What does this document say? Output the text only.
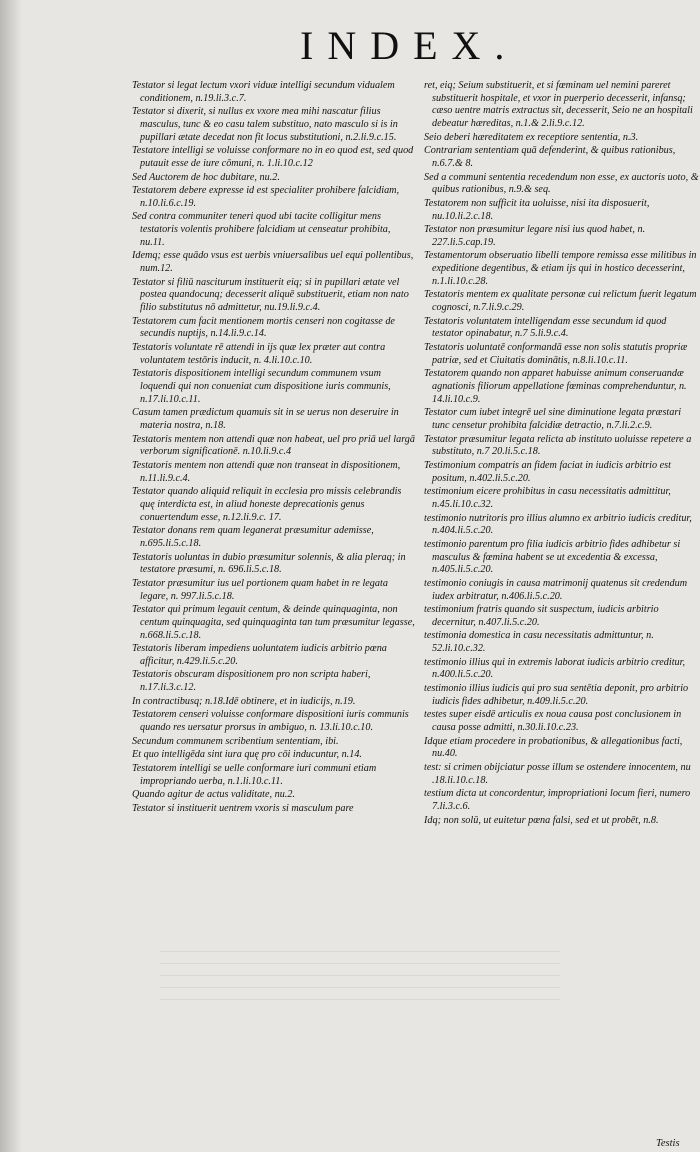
INDEX.
Testator si legat lectum vxori viduæ intelligi secundum vidualem conditionem, n.19.li.3.c.7.
Testator si dixerit, si nullus ex vxore mea mihi nascatur filius masculus, tunc & eo casu talem substituo, nato masculo si is in pupillari ætate decedat non fit locus substitutioni, n.2.li.9.c.15.
Testatore intelligi se voluisse conformare no in eo quod est, sed quod putauit esse de iure cōmuni, n. 1.li.10.c.12
Sed Auctorem de hoc dubitare, nu.2.
Testatorem debere expresse id est specialiter prohibere falcidiam, n.10.li.6.c.19.
Sed contra communiter teneri quod ubi tacite colligitur mens testatoris volentis prohibere falcidiam ut censeatur prohibita, nu.11.
Idemq; esse quādo vsus est uerbis vniuersalibus uel equi pollentibus, num.12.
Testator si filiū nasciturum instituerit eiq; si in pupillari ætate vel postea quandocunq; decesserit aliquē substituerit, etiam non nato filio substitutus nō admittetur, nu.19.li.9.c.4.
Testatorem cum facit mentionem mortis censeri non cogitasse de secundis nuptijs, n.14.li.9.c.14.
Testatoris voluntate rē attendi in ijs quæ lex præter aut contra voluntatem testōris inducit, n. 4.li.10.c.10.
Testatoris dispositionem intelligi secundum communem vsum loquendi qui non conueniat cum dispositione iuris communis, n.17.li.10.c.11.
Casum tamen prædictum quamuis sit in se uerus non deseruire in materia nostra, n.18.
Testatoris mentem non attendi quæ non habeat, uel pro priā uel largā verborum significationē. n.10.li.9.c.4
Testatoris mentem non attendi quæ non transeat in dispositionem, n.11.li.9.c.4.
Testator quando aliquid reliquit in ecclesia pro missis celebrandis quę interdicta est, in aliud honeste deprecationis genus conuertendum esse, n.12.li.9.c. 17.
Testator donans rem quam leganerat præsumitur ademisse, n.695.li.5.c.18.
Testatoris uoluntas in dubio præsumitur solennis, & alia pleraq; in testatore præsumi, n. 696.li.5.c.18.
Testator præsumitur ius uel portionem quam habet in re legata legare, n. 997.li.5.c.18.
Testator qui primum legauit centum, & deinde quinquaginta, non centum quinquagita, sed quinquaginta tan tum præsumitur legasse, n.668.li.5.c.18.
Testatoris liberam impediens uoluntatem iudicis arbitrio pœna afficitur, n.429.li.5.c.20.
Testatoris obscuram dispositionem pro non scripta haberi, n.17.li.3.c.12.
In contractibusq; n.18.Idē obtinere, et in iudicijs, n.19.
Testatorem censeri voluisse conformare dispositioni iuris communis quando res uersatur prorsus in ambiguo, n. 13.li.10.c.10.
Secundum communem scribentium sententiam, ibi.
Et quo intelligēda sint iura quę pro cōi inducuntur, n.14.
Testatorem intelligi se uelle conformare iuri communi etiam impropriando uerba, n.1.li.10.c.11.
Quando agitur de actus validitate, nu.2.
Testator si instituerit uentrem vxoris si masculum pare
ret, eiq; Seium substituerit, et si fœminam uel nemini pareret substituerit hospitale, et vxor in puerperio decesserit, infansq; cæso uentre matris extractus sit, decesserit, Seio ne an hospitali debeatur hæreditas, n.1.& 2.li.9.c.12.
Seio deberi hæreditatem ex receptiore sententia, n.3.
Contrariam sententiam quā defenderint, & quibus rationibus, n.6.7.& 8.
Sed a communi sententia recedendum non esse, ex auctoris uoto, & quibus rationibus, n.9.& seq.
Testatorem non sufficit ita uoluisse, nisi ita disposuerit, nu.10.li.2.c.18.
Testator non præsumitur legare nisi ius quod habet, n. 227.li.5.cap.19.
Testamentorum obseruatio libelli tempore remissa esse militibus in expeditione degentibus, & etiam ijs qui in hostico decesserint, n.1.li.10.c.28.
Testatoris mentem ex qualitate personæ cui relictum fuerit legatum cognosci, n.7.li.9.c.29.
Testatoris voluntatem intelligendam esse secundum id quod testator opinabatur, n.7 5.li.9.c.4.
Testatoris uoluntatē conformandā esse non solis statutis propriæ patriæ, sed et Ciuitatis dominātis, n.8.li.10.c.11.
Testatorem quando non apparet habuisse animum conseruandæ agnationis filiorum appellatione fœminas comprehenduntur, n. 14.li.10.c.9.
Testator cum iubet integrē uel sine diminutione legata præstari tunc censetur prohibita falcidiæ detractio, n.7.li.2.c.9.
Testator præsumitur legata relicta ab instituto uoluisse repetere a substituto, n.7 20.li.5.c.18.
Testimonium compatris an fidem faciat in iudicis arbitrio est positum, n.402.li.5.c.20.
testimonium eicere prohibitus in casu necessitatis admittitur, n.45.li.10.c.32.
testimonio nutritoris pro illius alumno ex arbitrio iudicis creditur, n.404.li.5.c.20.
testimonio parentum pro filia iudicis arbitrio fides adhibetur si masculus & fœmina habent se ut excedentia & excessa, n.405.li.5.c.20.
testimonio coniugis in causa matrimonij quatenus sit credendum iudex arbitratur, n.406.li.5.c.20.
testimonium fratris quando sit suspectum, iudicis arbitrio decernitur, n.407.li.5.c.20.
testimonia domestica in casu necessitatis admittuntur, n. 52.li.10.c.32.
testimonio illius qui in extremis laborat iudicis arbitrio creditur, n.400.li.5.c.20.
testimonio illius iudicis qui pro sua sentētia deponit, pro arbitrio iudicis fides adhibetur, n.409.li.5.c.20.
testes super eisdē articulis ex noua causa post conclusionem in causa posse admitti, n.30.li.10.c.23.
Idque etiam procedere in probationibus, & allegationibus facti, nu.40.
test: si crimen obijciatur posse illum se ostendere innocentem, nu .18.li.10.c.18.
testium dicta ut concordentur, impropriationi locum fieri, numero 7.li.3.c.6.
Idq; non solū, ut euitetur pœna falsi, sed et ut probēt, n.8.
Testis
